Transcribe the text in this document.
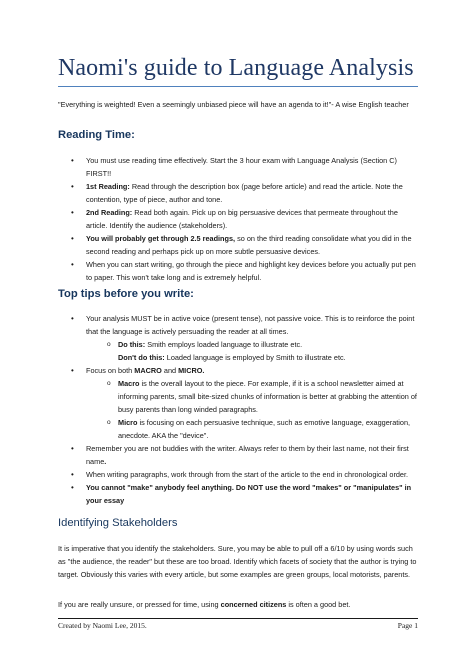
Naomi's guide to Language Analysis
"Everything is weighted! Even a seemingly unbiased piece will have an agenda to it!"- A wise English teacher
Reading Time:
• You must use reading time effectively. Start the 3 hour exam with Language Analysis (Section C) FIRST!!
• 1st Reading: Read through the description box (page before article) and read the article. Note the contention, type of piece, author and tone.
• 2nd Reading: Read both again. Pick up on big persuasive devices that permeate throughout the article. Identify the audience (stakeholders).
• You will probably get through 2.5 readings, so on the third reading consolidate what you did in the second reading and perhaps pick up on more subtle persuasive devices.
• When you can start writing, go through the piece and highlight key devices before you actually put pen to paper. This won't take long and is extremely helpful.
Top tips before you write:
• Your analysis MUST be in active voice (present tense), not passive voice. This is to reinforce the point that the language is actively persuading the reader at all times.
o Do this: Smith employs loaded language to illustrate etc.
Don't do this: Loaded language is employed by Smith to illustrate etc.
• Focus on both MACRO and MICRO.
o Macro is the overall layout to the piece. For example, if it is a school newsletter aimed at informing parents, small bite-sized chunks of information is better at grabbing the attention of busy parents than long winded paragraphs.
o Micro is focusing on each persuasive technique, such as emotive language, exaggeration, anecdote. AKA the "device".
• Remember you are not buddies with the writer. Always refer to them by their last name, not their first name.
• When writing paragraphs, work through from the start of the article to the end in chronological order.
• You cannot "make" anybody feel anything. Do NOT use the word "makes" or "manipulates" in your essay
Identifying Stakeholders

It is imperative that you identify the stakeholders. Sure, you may be able to pull off a 6/10 by using words such as "the audience, the reader" but these are too broad. Identify which facets of society that the author is trying to target. Obviously this varies with every article, but some examples are green groups, local motorists, parents.

If you are really unsure, or pressed for time, using concerned citizens is often a good bet.

Created by Naomi Lee, 2015.	Page 1
